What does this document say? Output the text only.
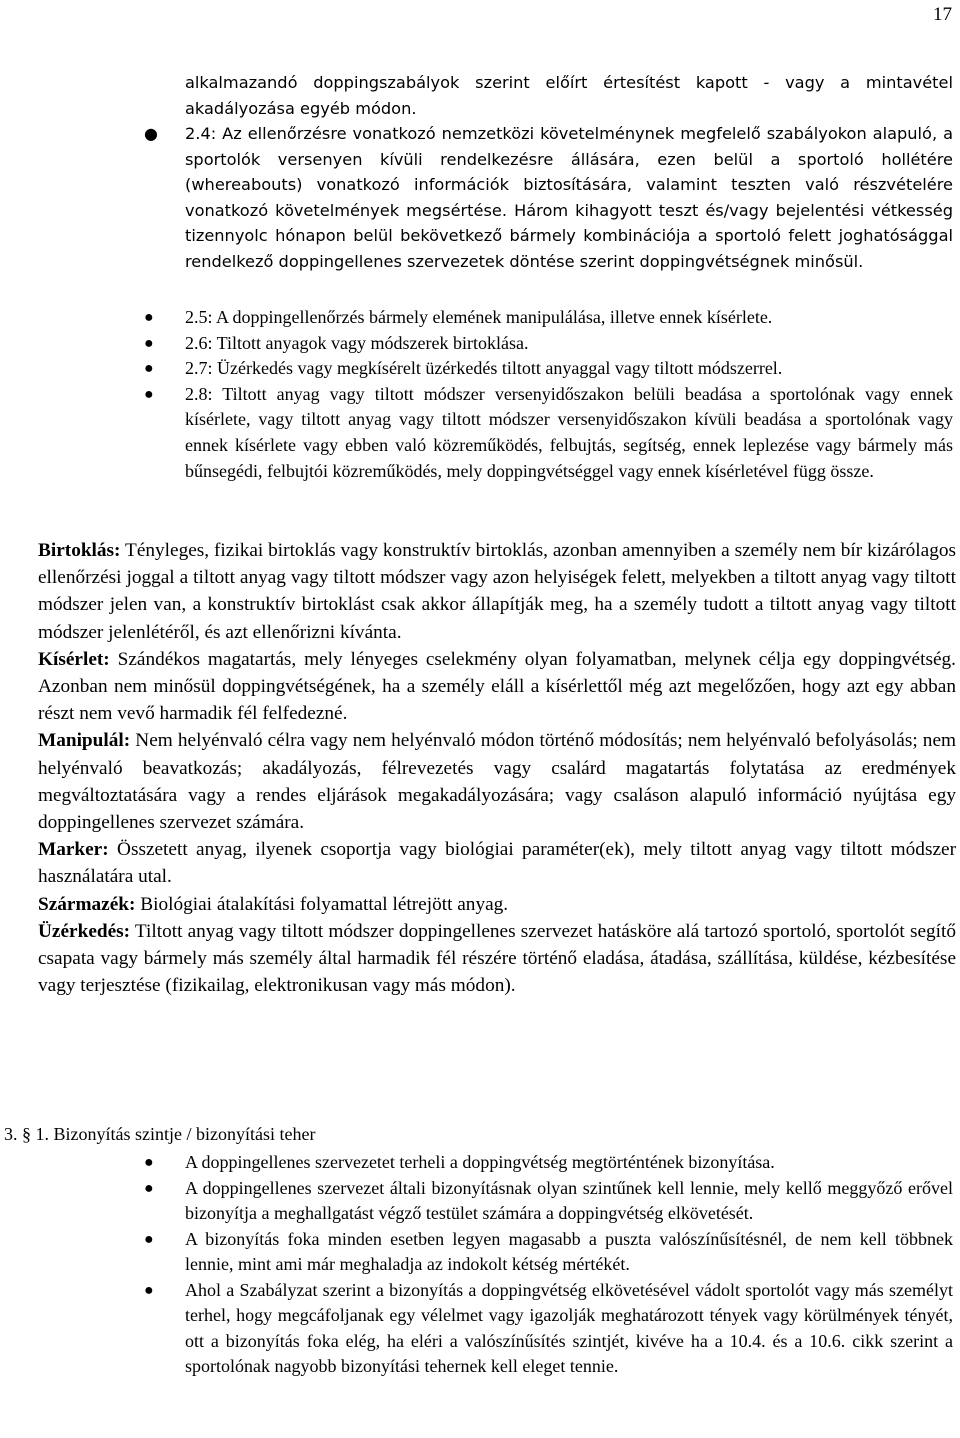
17
alkalmazandó doppingszabályok szerint előírt értesítést kapott - vagy a mintavétel akadályozása egyéb módon.
● 2.4: Az ellenőrzésre vonatkozó nemzetközi követelménynek megfelelő szabályokon alapuló, a sportolók versenyen kívüli rendelkezésre állására, ezen belül a sportoló hollétére (whereabouts) vonatkozó információk biztosítására, valamint teszten való részvételére vonatkozó követelmények megsértése. Három kihagyott teszt és/vagy bejelentési vétkesség tizennyolc hónapon belül bekövetkező bármely kombinációja a sportoló felett joghatósággal rendelkező doppingellenes szervezetek döntése szerint doppingvétségnek minősül.
● 2.5: A doppingellenőrzés bármely elemének manipulálása, illetve ennek kísérlete.
● 2.6: Tiltott anyagok vagy módszerek birtoklása.
● 2.7: Üzérkedés vagy megkísérelt üzérkedés tiltott anyaggal vagy tiltott módszerrel.
● 2.8: Tiltott anyag vagy tiltott módszer versenyidőszakon belüli beadása a sportolónak vagy ennek kísérlete, vagy tiltott anyag vagy tiltott módszer versenyidőszakon kívüli beadása a sportolónak vagy ennek kísérlete vagy ebben való közreműködés, felbujtás, segítség, ennek leplezése vagy bármely más bűnsegédi, felbujtói közreműködés, mely doppingvétséggel vagy ennek kísérletével függ össze.

Birtoklás: Tényleges, fizikai birtoklás vagy konstruktív birtoklás, azonban amennyiben a személy nem bír kizárólagos ellenőrzési joggal a tiltott anyag vagy tiltott módszer vagy azon helyiségek felett, melyekben a tiltott anyag vagy tiltott módszer jelen van, a konstruktív birtoklást csak akkor állapítják meg, ha a személy tudott a tiltott anyag vagy tiltott módszer jelenlétéről, és azt ellenőrizni kívánta.

Kísérlet: Szándékos magatartás, mely lényeges cselekmény olyan folyamatban, melynek célja egy doppingvétség. Azonban nem minősül doppingvétségének, ha a személy eláll a kísérlettől még azt megelőzően, hogy azt egy abban részt nem vevő harmadik fél felfedezné.

Manipulál: Nem helyénvaló célra vagy nem helyénvaló módon történő módosítás; nem helyénvaló befolyásolás; nem helyénvaló beavatkozás; akadályozás, félrevezetés vagy csalárd magatartás folytatása az eredmények megváltoztatására vagy a rendes eljárások megakadályozására; vagy csaláson alapuló információ nyújtása egy doppingellenes szervezet számára.

Marker: Összetett anyag, ilyenek csoportja vagy biológiai paraméter(ek), mely tiltott anyag vagy tiltott módszer használatára utal.

Származék: Biológiai átalakítási folyamattal létrejött anyag.

Üzérkedés: Tiltott anyag vagy tiltott módszer doppingellenes szervezet hatásköre alá tartozó sportoló, sportolót segítő csapata vagy bármely más személy által harmadik fél részére történő eladása, átadása, szállítása, küldése, kézbesítése vagy terjesztése (fizikailag, elektronikusan vagy más módon).

3. § 1. Bizonyítás szintje / bizonyítási teher
● A doppingellenes szervezetet terheli a doppingvétség megtörténtének bizonyítása.
● A doppingellenes szervezet általi bizonyításnak olyan szintűnek kell lennie, mely kellő meggyőző erővel bizonyítja a meghallgatást végző testület számára a doppingvétség elkövetését.
● A bizonyítás foka minden esetben legyen magasabb a puszta valószínűsítésnél, de nem kell többnek lennie, mint ami már meghaladja az indokolt kétség mértékét.
● Ahol a Szabályzat szerint a bizonyítás a doppingvétség elkövetésével vádolt sportolót vagy más személyt terhel, hogy megcáfoljanak egy vélelmet vagy igazolják meghatározott tények vagy körülmények tényét, ott a bizonyítás foka elég, ha eléri a valószínűsítés szintjét, kivéve ha a 10.4. és a 10.6. cikk szerint a sportolónak nagyobb bizonyítási tehernek kell eleget tennie.
